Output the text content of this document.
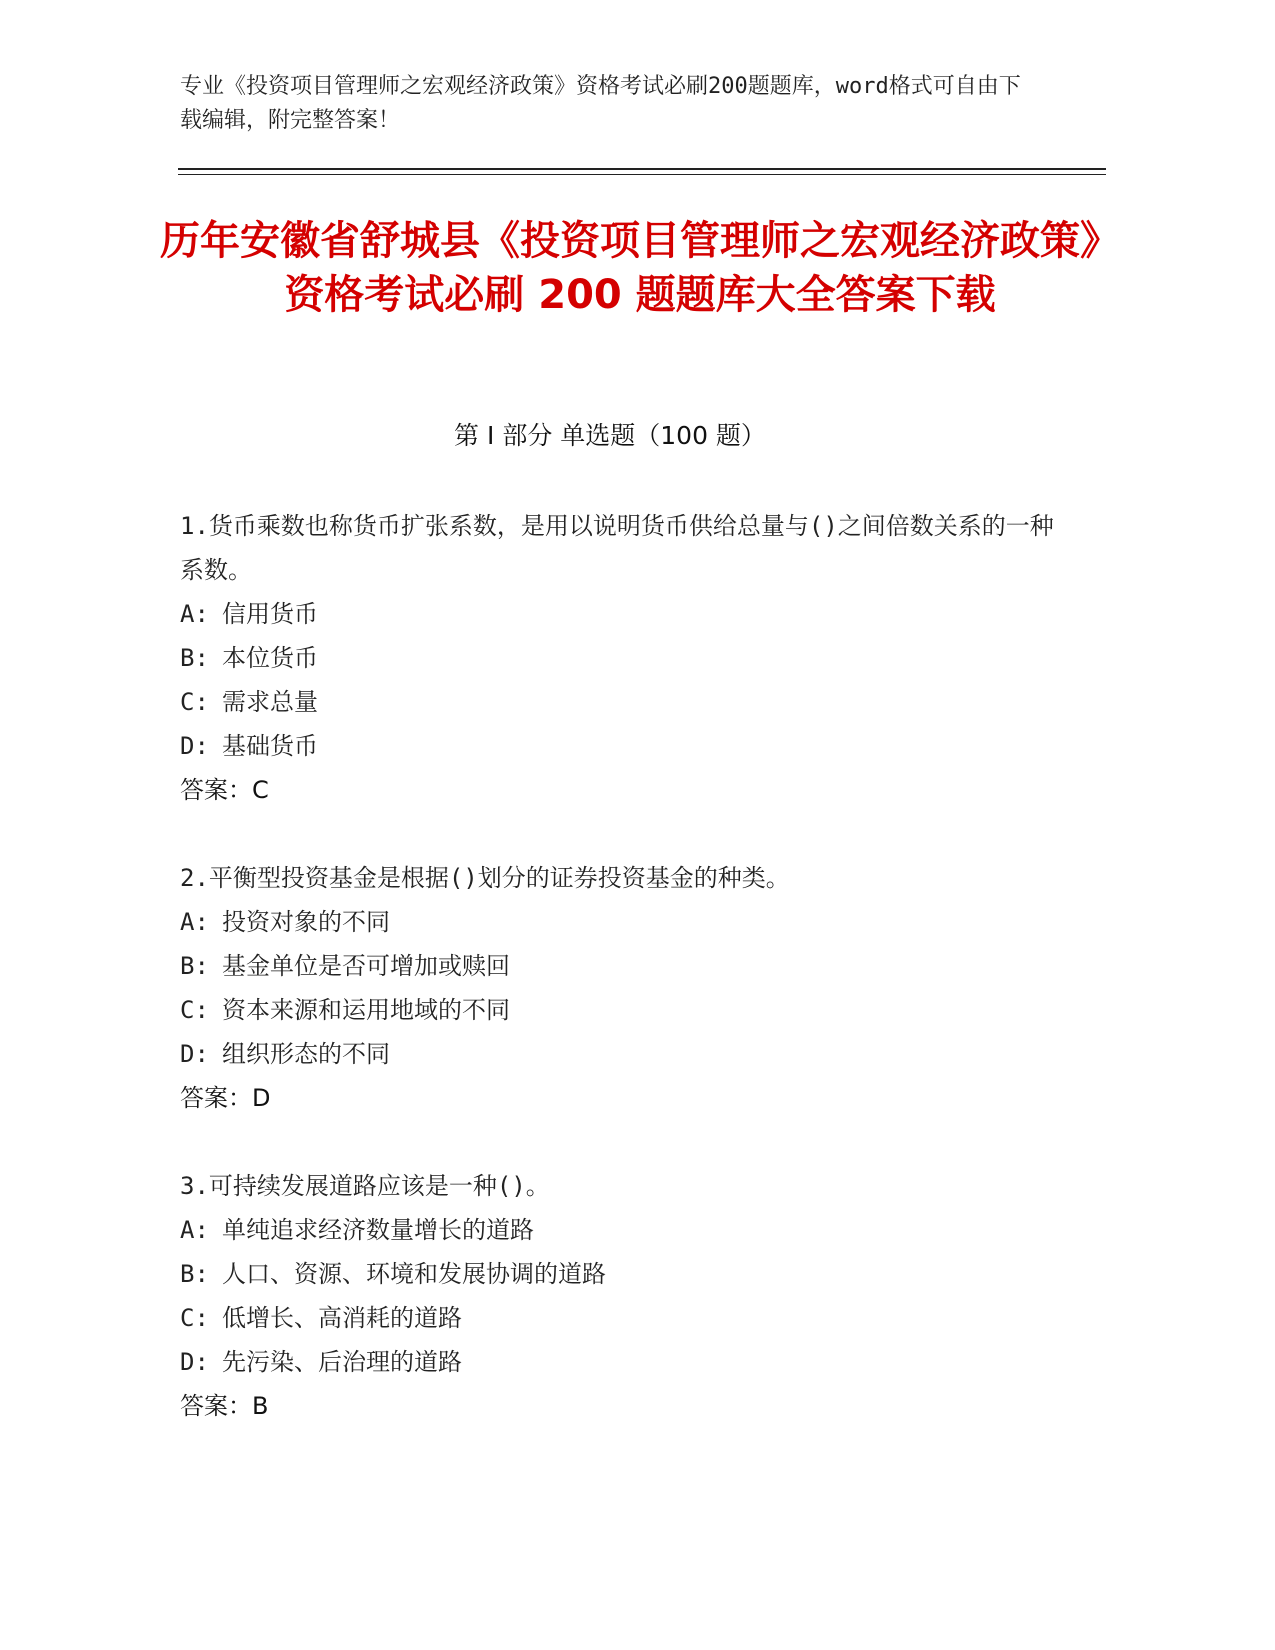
专业《投资项目管理师之宏观经济政策》资格考试必刷200题题库，word格式可自由下载编辑，附完整答案！
历年安徽省舒城县《投资项目管理师之宏观经济政策》资格考试必刷 200 题题库大全答案下载
第 I 部分 单选题（100 题）

1.货币乘数也称货币扩张系数，是用以说明货币供给总量与()之间倍数关系的一种系数。

A: 信用货币

B: 本位货币

C: 需求总量

D: 基础货币

答案：C

2.平衡型投资基金是根据()划分的证券投资基金的种类。

A: 投资对象的不同

B: 基金单位是否可增加或赎回

C: 资本来源和运用地域的不同

D: 组织形态的不同

答案：D

3.可持续发展道路应该是一种()。

A: 单纯追求经济数量增长的道路

B: 人口、资源、环境和发展协调的道路

C: 低增长、高消耗的道路

D: 先污染、后治理的道路

答案：B
